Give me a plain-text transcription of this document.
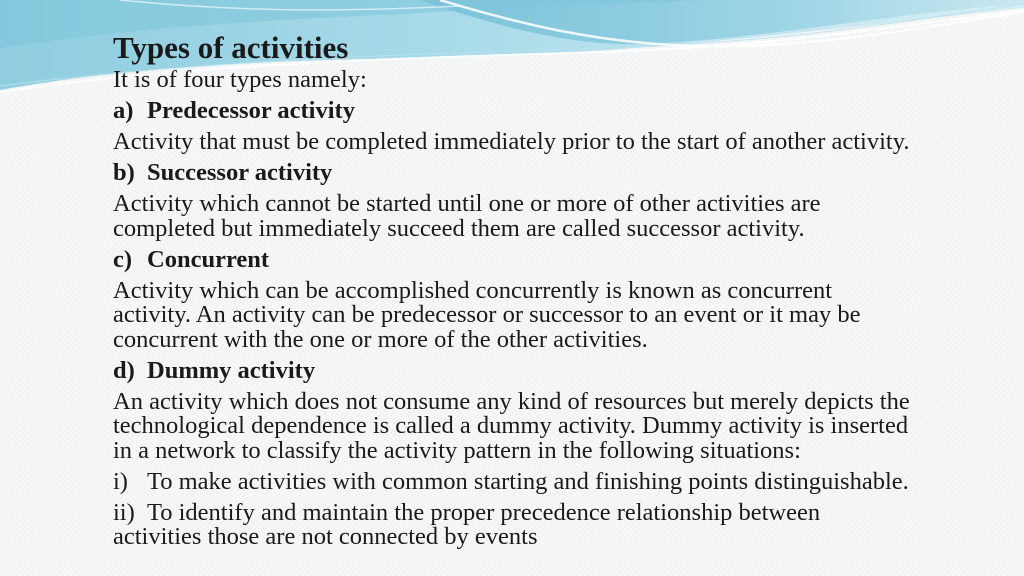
Types of activities

It is of four types namely:

a) Predecessor activity

Activity that must be completed immediately prior to the start of another activity.

b) Successor activity

Activity which cannot be started until one or more of other activities are

completed but immediately succeed them are called successor activity.

c) Concurrent

Activity which can be accomplished concurrently is known as concurrent

activity. An activity can be predecessor or successor to an event or it may be

concurrent with the one or more of the other activities.

d) Dummy activity

An activity which does not consume any kind of resources but merely depicts the

technological dependence is called a dummy activity. Dummy activity is inserted

in a network to classify the activity pattern in the following situations:

i) To make activities with common starting and finishing points distinguishable.

ii) To identify and maintain the proper precedence relationship between

activities those are not connected by events
